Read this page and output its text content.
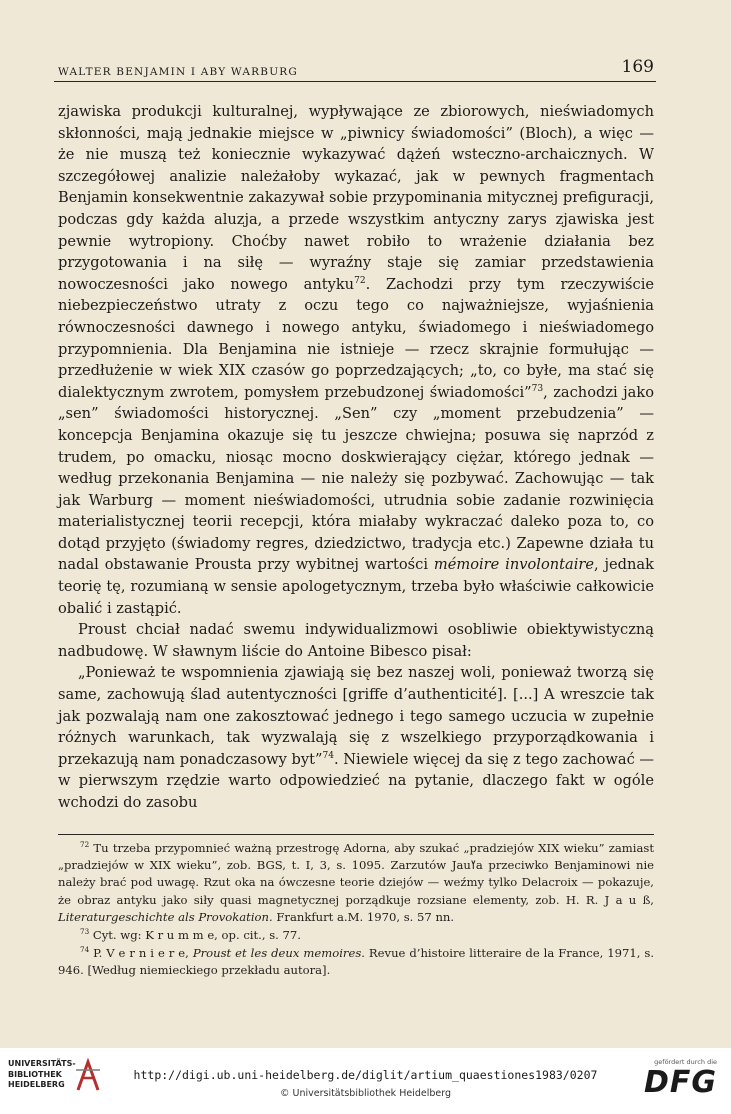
WALTER BENJAMIN I ABY WARBURG	169

zjawiska produkcji kulturalnej, wypływające ze zbiorowych, nieświadomych skłonności, mają jednakie miejsce w „piwnicy świadomości” (Bloch), a więc — że nie muszą też koniecznie wykazywać dążeń wsteczno-archaicznych. W szczegółowej analizie należałoby wykazać, jak w pewnych fragmentach Benjamin konsekwentnie zakazywał sobie przypominania mitycznej prefiguracji, podczas gdy każda aluzja, a przede wszystkim antyczny zarys zjawiska jest pewnie wytropiony. Choćby nawet robiło to wrażenie działania bez przygotowania i na siłę — wyraźny staje się zamiar przedstawienia nowoczesności jako nowego antyku$^{72}$. Zachodzi przy tym rzeczywiście niebezpieczeństwo utraty z oczu tego co najważniejsze, wyjaśnienia równoczesności dawnego i nowego antyku, świadomego i nieświadomego przypomnienia. Dla Benjamina nie istnieje — rzecz skrajnie formułując — przedłużenie w wiek XIX czasów go poprzedzających; „to, co byłe, ma stać się dialektycznym zwrotem, pomysłem przebudzonej świadomości”$^{73}$, zachodzi jako „sen” świadomości historycznej. „Sen” czy „moment przebudzenia” — koncepcja Benjamina okazuje się tu jeszcze chwiejna; posuwa się naprzód z trudem, po omacku, niosąc mocno doskwierający ciężar, którego jednak — według przekonania Benjamina — nie należy się pozbywać. Zachowując — tak jak Warburg — moment nieświadomości, utrudnia sobie zadanie rozwinięcia materialistycznej teorii recepcji, która miałaby wykraczać daleko poza to, co dotąd przyjęto (świadomy regres, dziedzictwo, tradycja etc.) Zapewne działa tu nadal obstawanie Prousta przy wybitnej wartości mémoire involontaire, jednak teorię tę, rozumianą w sensie apologetycznym, trzeba było właściwie całkowicie obalić i zastąpić.

Proust chciał nadać swemu indywidualizmowi osobliwie obiektywistyczną nadbudowę. W sławnym liście do Antoine Bibesco pisał:

„Ponieważ te wspomnienia zjawiają się bez naszej woli, ponieważ tworzą się same, zachowują ślad autentyczności [griffe d’authenticité]. [...] A wreszcie tak jak pozwalają nam one zakosztować jednego i tego samego uczucia w zupełnie różnych warunkach, tak wyzwalają się z wszelkiego przyporządkowania i przekazują nam ponadczasowy byt”$^{74}$. Niewiele więcej da się z tego zachować — w pierwszym rzędzie warto odpowiedzieć na pytanie, dlaczego fakt w ogóle wchodzi do zasobu

$^{72}$ Tu trzeba przypomnieć ważną przestrogę Adorna, aby szukać „pradziejów XIX wieku” zamiast „pradziejów w XIX wieku”, zob. BGS, t. I, 3, s. 1095. Zarzutów Jauߌa przeciwko Benjaminowi nie należy brać pod uwagę. Rzut oka na ówczesne teorie dziejów — weźmy tylko Delacroix — pokazuje, że obraz antyku jako siły quasi magnetycznej porządkuje rozsiane elementy, zob. H. R. J a u ß, Literaturgeschichte als Provokation. Frankfurt a.M. 1970, s. 57 nn.

$^{73}$ Cyt. wg: K r u m m e, op. cit., s. 77.

$^{74}$ P. V e r n i e r e, Proust et les deux memoires. Revue d’histoire litteraire de la France, 1971, s. 946. [Według niemieckiego przekładu autora].

UNIVERSITÄTS-
BIBLIOTHEK
HEIDELBERG
http://digi.ub.uni-heidelberg.de/diglit/artium_quaestiones1983/0207
© Universitätsbibliothek Heidelberg
gefördert durch die
DFG
